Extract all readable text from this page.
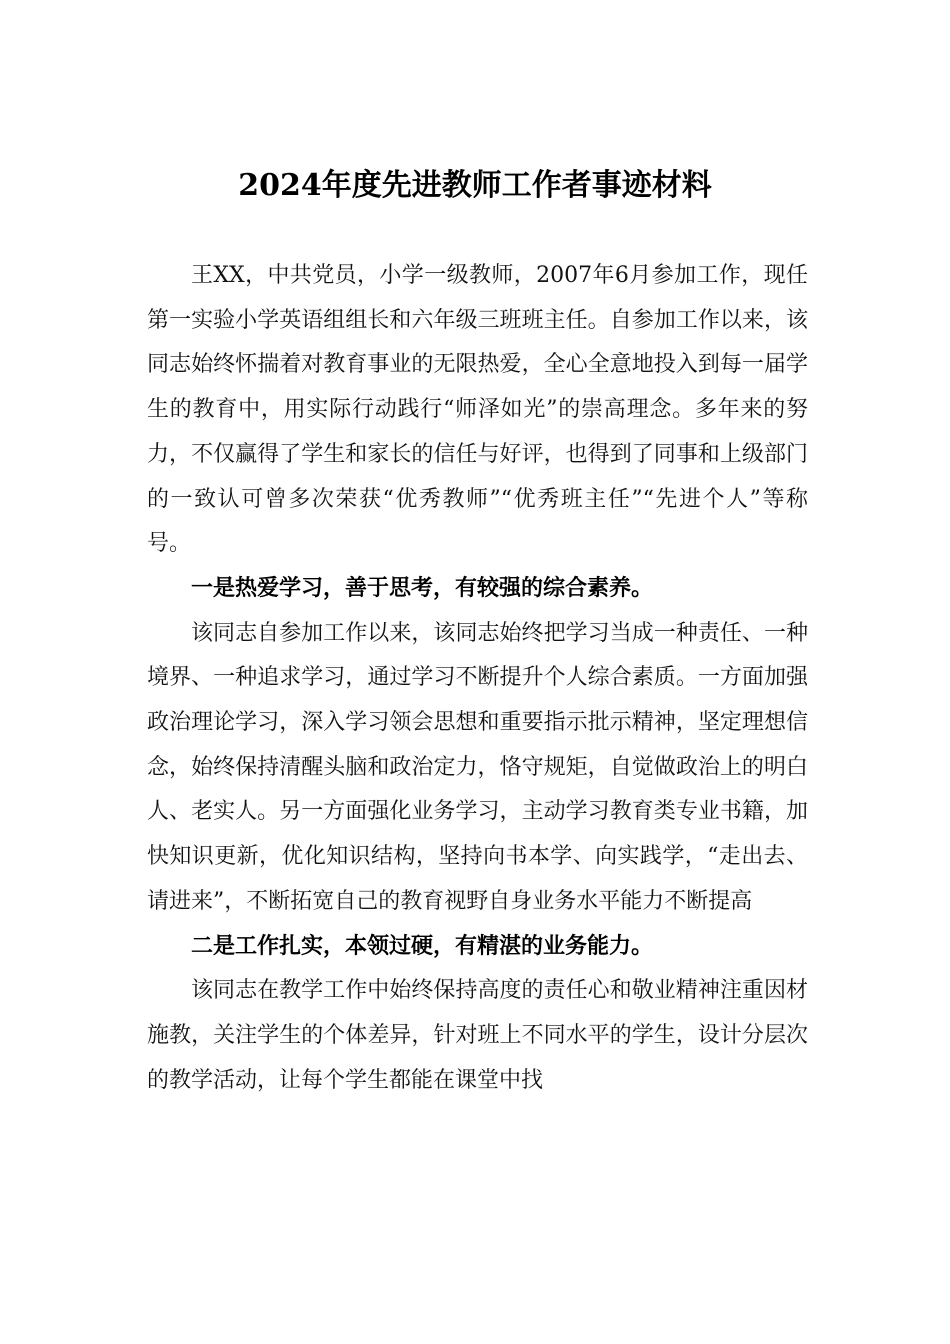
2024年度先进教师工作者事迹材料

王XX，中共党员，小学一级教师，2007年6月参加工作，现任第一实验小学英语组组长和六年级三班班主任。自参加工作以来，该同志始终怀揣着对教育事业的无限热爱，全心全意地投入到每一届学生的教育中，用实际行动践行“师泽如光”的崇高理念。多年来的努力，不仅赢得了学生和家长的信任与好评，也得到了同事和上级部门的一致认可曾多次荣获“优秀教师”“优秀班主任”“先进个人”等称号。

一是热爱学习，善于思考，有较强的综合素养。

该同志自参加工作以来，该同志始终把学习当成一种责任、一种境界、一种追求学习，通过学习不断提升个人综合素质。一方面加强政治理论学习，深入学习领会思想和重要指示批示精神，坚定理想信念，始终保持清醒头脑和政治定力，恪守规矩，自觉做政治上的明白人、老实人。另一方面强化业务学习，主动学习教育类专业书籍，加快知识更新，优化知识结构，坚持向书本学、向实践学，“走出去、请进来”，不断拓宽自己的教育视野自身业务水平能力不断提高

二是工作扎实，本领过硬，有精湛的业务能力。

该同志在教学工作中始终保持高度的责任心和敬业精神注重因材施教，关注学生的个体差异，针对班上不同水平的学生，设计分层次的教学活动，让每个学生都能在课堂中找
